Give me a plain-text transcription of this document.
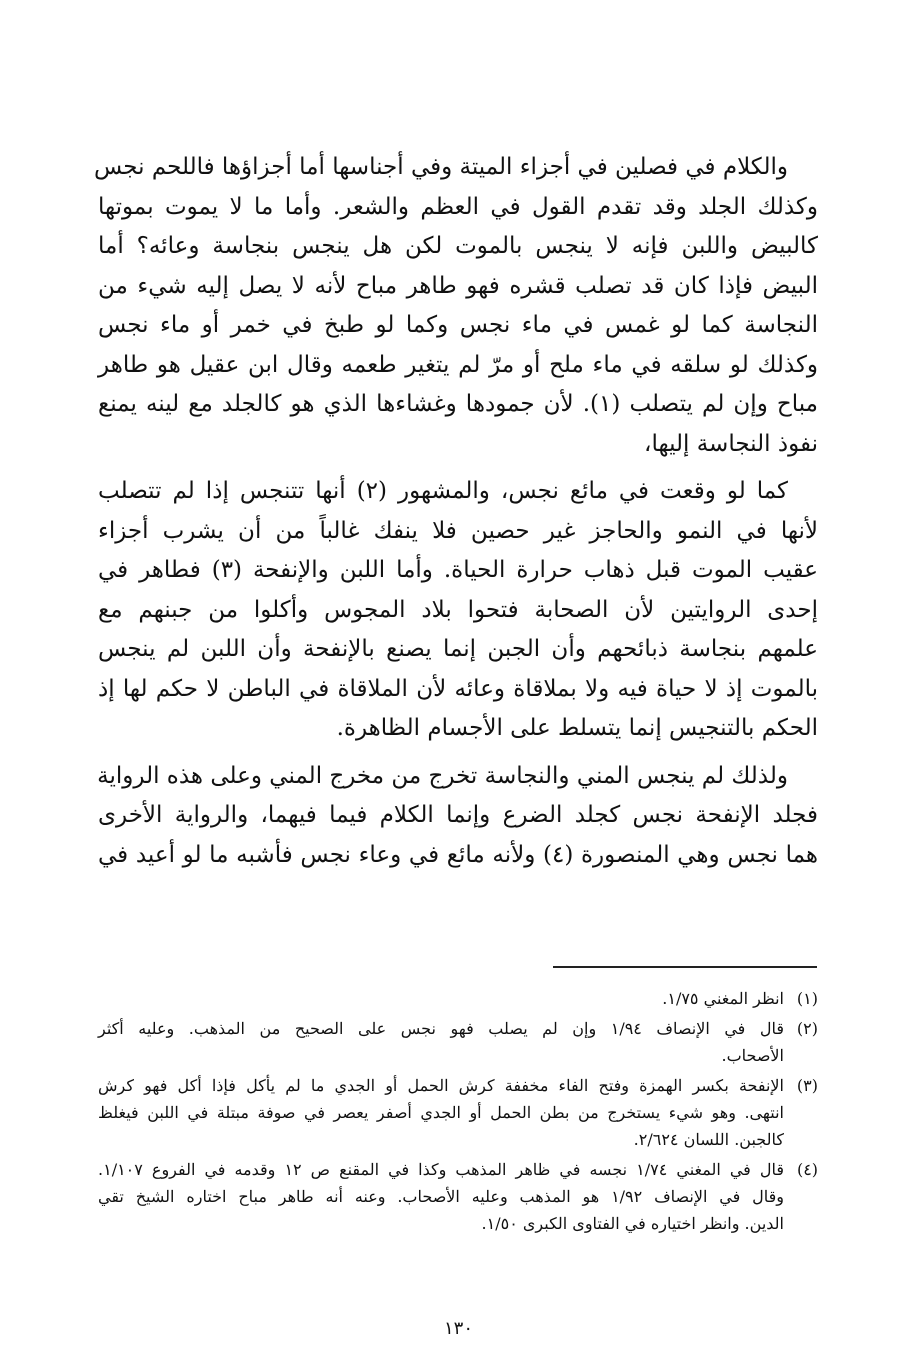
والكلام في فصلين في أجزاء الميتة وفي أجناسها أما أجزاؤها فاللحم نجس
وكذلك الجلد وقد تقدم القول في العظم والشعر. وأما ما لا يموت بموتها
كالبيض واللبن فإنه لا ينجس بالموت لكن هل ينجس بنجاسة وعائه؟ أما
البيض فإذا كان قد تصلب قشره فهو طاهر مباح لأنه لا يصل إليه شيء من
النجاسة كما لو غمس في ماء نجس وكما لو طبخ في خمر أو ماء نجس
وكذلك لو سلقه في ماء ملح أو مرّ لم يتغير طعمه وقال ابن عقيل هو طاهر
مباح وإن لم يتصلب (١). لأن جمودها وغشاءها الذي هو كالجلد مع لينه يمنع
نفوذ النجاسة إليها،
كما لو وقعت في مائع نجس، والمشهور (٢) أنها تتنجس إذا لم تتصلب
لأنها في النمو والحاجز غير حصين فلا ينفك غالباً من أن يشرب أجزاء
عقيب الموت قبل ذهاب حرارة الحياة. وأما اللبن والإنفحة (٣) فطاهر في
إحدى الروايتين لأن الصحابة فتحوا بلاد المجوس وأكلوا من جبنهم مع
علمهم بنجاسة ذبائحهم وأن الجبن إنما يصنع بالإنفحة وأن اللبن لم ينجس
بالموت إذ لا حياة فيه ولا بملاقاة وعائه لأن الملاقاة في الباطن لا حكم لها إذ
الحكم بالتنجيس إنما يتسلط على الأجسام الظاهرة.
ولذلك لم ينجس المني والنجاسة تخرج من مخرج المني وعلى هذه الرواية
فجلد الإنفحة نجس كجلد الضرع وإنما الكلام فيما فيهما، والرواية الأخرى
هما نجس وهي المنصورة (٤) ولأنه مائع في وعاء نجس فأشبه ما لو أعيد في
(١)انظر المغني ١/٧٥.
(٢)قال في الإنصاف ١/٩٤ وإن لم يصلب فهو نجس على الصحيح من المذهب. وعليه أكثر
الأصحاب.
(٣)الإنفحة بكسر الهمزة وفتح الفاء مخففة كرش الحمل أو الجدي ما لم يأكل فإذا أكل فهو كرش
انتهى. وهو شيء يستخرج من بطن الحمل أو الجدي أصفر يعصر في صوفة مبتلة في اللبن فيغلظ
كالجبن. اللسان ٢/٦٢٤.
(٤)قال في المغني ١/٧٤ نجسه في ظاهر المذهب وكذا في المقنع ص ١٢ وقدمه في الفروع ١/١٠٧.
وقال في الإنصاف ١/٩٢ هو المذهب وعليه الأصحاب. وعنه أنه طاهر مباح اختاره الشيخ تقي
الدين. وانظر اختياره في الفتاوى الكبرى ١/٥٠.
١٣٠
